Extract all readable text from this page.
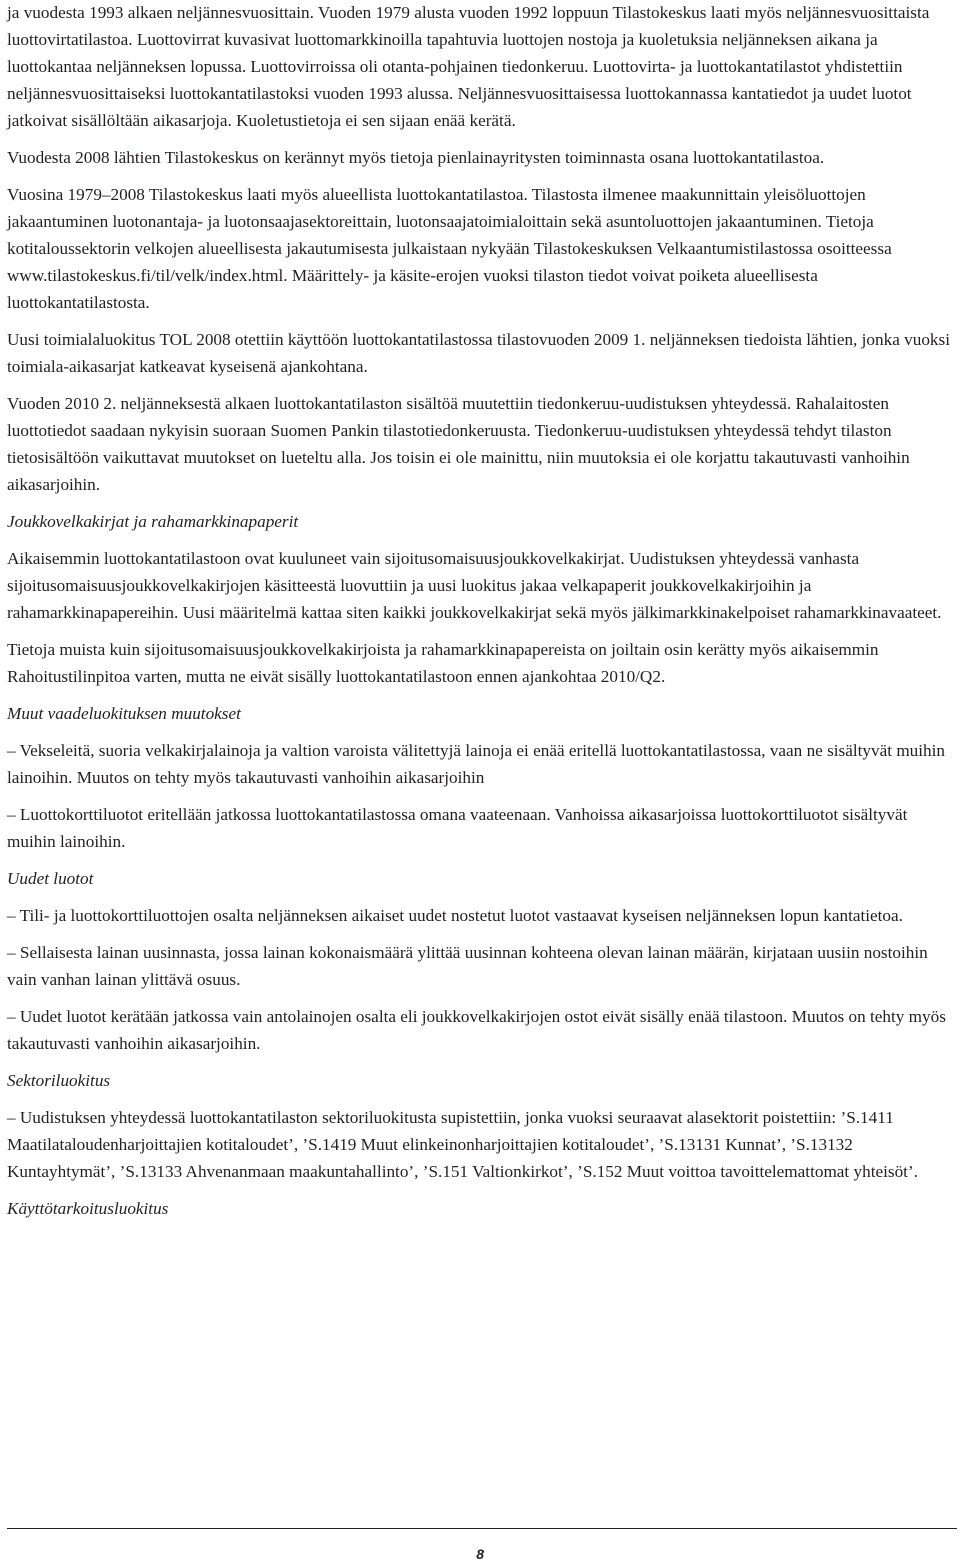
ja vuodesta 1993 alkaen neljännesvuosittain. Vuoden 1979 alusta vuoden 1992 loppuun Tilastokeskus laati myös neljännesvuosittaista luottovirtatilastoa. Luottovirrat kuvasivat luottomarkkinoilla tapahtuvia luottojen nostoja ja kuoletuksia neljänneksen aikana ja luottokantaa neljänneksen lopussa. Luottovirroissa oli otanta-pohjainen tiedonkeruu. Luottovirta- ja luottokantatilastot yhdistettiin neljännesvuosittaiseksi luottokantatilastoksi vuoden 1993 alussa. Neljännesvuosittaisessa luottokannassa kantatiedot ja uudet luotot jatkoivat sisällöltään aikasarjoja. Kuoletustietoja ei sen sijaan enää kerätä.

Vuodesta 2008 lähtien Tilastokeskus on kerännyt myös tietoja pienlainayritysten toiminnasta osana luottokantatilastoa.

Vuosina 1979–2008 Tilastokeskus laati myös alueellista luottokantatilastoa. Tilastosta ilmenee maakunnittain yleisöluottojen jakaantuminen luotonantaja- ja luotonsaajasektoreittain, luotonsaajatoimialoittain sekä asuntoluottojen jakaantuminen. Tietoja kotitaloussektorin velkojen alueellisesta jakautumisesta julkaistaan nykyään Tilastokeskuksen Velkaantumistilastossa osoitteessa www.tilastokeskus.fi/til/velk/index.html. Määrittely- ja käsite-erojen vuoksi tilaston tiedot voivat poiketa alueellisesta luottokantatilastosta.

Uusi toimialaluokitus TOL 2008 otettiin käyttöön luottokantatilastossa tilastovuoden 2009 1. neljänneksen tiedoista lähtien, jonka vuoksi toimiala-aikasarjat katkeavat kyseisenä ajankohtana.

Vuoden 2010 2. neljänneksestä alkaen luottokantatilaston sisältöä muutettiin tiedonkeruu-uudistuksen yhteydessä. Rahalaitosten luottotiedot saadaan nykyisin suoraan Suomen Pankin tilastotiedonkeruusta. Tiedonkeruu-uudistuksen yhteydessä tehdyt tilaston tietosisältöön vaikuttavat muutokset on lueteltu alla. Jos toisin ei ole mainittu, niin muutoksia ei ole korjattu takautuvasti vanhoihin aikasarjoihin.

Joukkovelkakirjat ja rahamarkkinapaperit

Aikaisemmin luottokantatilastoon ovat kuuluneet vain sijoitusomaisuusjoukkovelkakirjat. Uudistuksen yhteydessä vanhasta sijoitusomaisuusjoukkovelkakirjojen käsitteestä luovuttiin ja uusi luokitus jakaa velkapaperit joukkovelkakirjoihin ja rahamarkkinapapereihin. Uusi määritelmä kattaa siten kaikki joukkovelkakirjat sekä myös jälkimarkkinakelpoiset rahamarkkinavaateet.

Tietoja muista kuin sijoitusomaisuusjoukkovelkakirjoista ja rahamarkkinapapereista on joiltain osin kerätty myös aikaisemmin Rahoitustilinpitoa varten, mutta ne eivät sisälly luottokantatilastoon ennen ajankohtaa 2010/Q2.

Muut vaadeluokituksen muutokset

– Vekseleitä, suoria velkakirjalainoja ja valtion varoista välitettyjä lainoja ei enää eritellä luottokantatilastossa, vaan ne sisältyvät muihin lainoihin. Muutos on tehty myös takautuvasti vanhoihin aikasarjoihin

– Luottokorttiluotot eritellään jatkossa luottokantatilastossa omana vaateenaan. Vanhoissa aikasarjoissa luottokorttiluotot sisältyvät muihin lainoihin.

Uudet luotot

– Tili- ja luottokorttiluottojen osalta neljänneksen aikaiset uudet nostetut luotot vastaavat kyseisen neljänneksen lopun kantatietoa.

– Sellaisesta lainan uusinnasta, jossa lainan kokonaismäärä ylittää uusinnan kohteena olevan lainan määrän, kirjataan uusiin nostoihin vain vanhan lainan ylittävä osuus.

– Uudet luotot kerätään jatkossa vain antolainojen osalta eli joukkovelkakirjojen ostot eivät sisälly enää tilastoon. Muutos on tehty myös takautuvasti vanhoihin aikasarjoihin.

Sektoriluokitus

– Uudistuksen yhteydessä luottokantatilaston sektoriluokitusta supistettiin, jonka vuoksi seuraavat alasektorit poistettiin: ’S.1411 Maatilataloudenharjoittajien kotitaloudet’, ’S.1419 Muut elinkeinonharjoittajien kotitaloudet’, ’S.13131 Kunnat’, ’S.13132 Kuntayhtymät’, ’S.13133 Ahvenanmaan maakuntahallinto’, ’S.151 Valtionkirkot’, ’S.152 Muut voittoa tavoittelemattomat yhteisöt’.

Käyttötarkoitusluokitus

8
